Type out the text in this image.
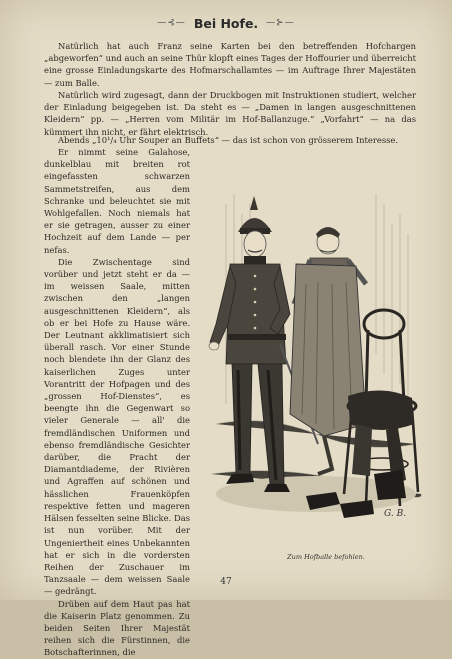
—⊰— Bei Hofe. —⊱—

Natürlich hat auch Franz seine Karten bei den betreffenden Hofchargen „abgeworfen“ und auch an seine Thür klopft eines Tages der Hoffourier und überreicht eine grosse Einladungskarte des Hofmarschallamtes — im Auftrage Ihrer Majestäten — zum Balle.

Natürlich wird zugesagt, dann der Druckbogen mit Instruktionen studiert, welcher der Einladung beigegeben ist. Da steht es — „Damen in langen ausgeschnittenen Kleidern“ pp. — „Herren vom Militär im Hof-Ballanzuge.“ „Vorfahrt“ — na das kümmert ihn nicht, er fährt elektrisch.

Abends „10¹/₄ Uhr Souper an Buffets“ — das ist schon von grösserem Interesse.

Er nimmt seine Galahose, dunkelblau mit breiten rot eingefassten schwarzen Sammetstreifen, aus dem Schranke und beleuchtet sie mit Wohlgefallen. Noch niemals hat er sie getragen, ausser zu einer Hochzeit auf dem Lande — per nefas.

Die Zwischentage sind vorüber und jetzt steht er da — im weissen Saale, mitten zwischen den „langen ausgeschnittenen Kleidern“, als ob er bei Hofe zu Hause wäre. Der Leutnant akklimatisiert sich überall rasch. Vor einer Stunde noch blendete ihn der Glanz des kaiserlichen Zuges unter Vorantritt der Hofpagen und des „grossen Hof-Dienstes“, es beengte ihn die Gegenwart so vieler Generale — all' die fremdländischen Uniformen und ebenso fremdländische Gesichter darüber, die Pracht der Diamantdiademe, der Rivièren und Agraffen auf schönen und hässlichen Frauenköpfen respektive fetten und mageren Hälsen fesselten seine Blicke. Das ist nun vorüber. Mit der Ungeniertheit eines Unbekannten hat er sich in die vordersten Reihen der Zuschauer im Tanzsaale — dem weissen Saale — gedrängt.

Drüben auf dem Haut pas hat die Kaiserin Platz genommen. Zu beiden Seiten Ihrer Majestät reihen sich die Fürstinnen, die Botschafterinnen, die

G. B.
Zum Hofballe befohlen.
47
